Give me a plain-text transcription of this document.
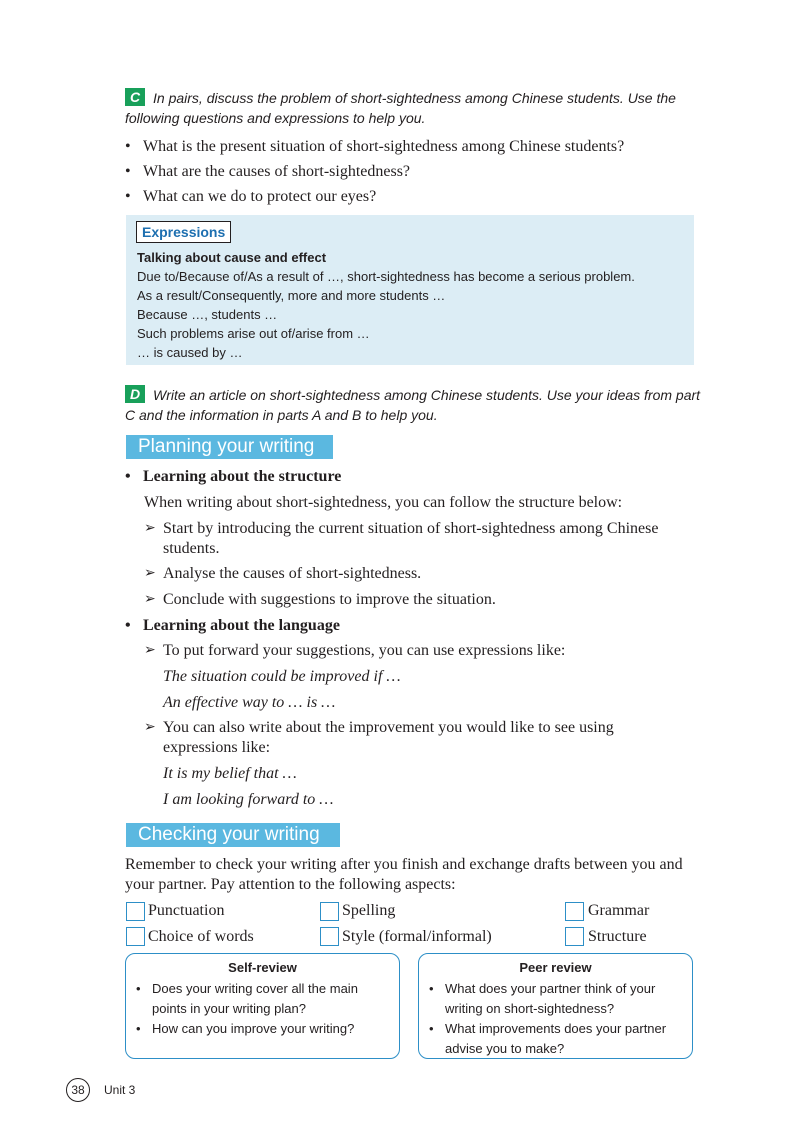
C In pairs, discuss the problem of short-sightedness among Chinese students. Use the following questions and expressions to help you.
• What is the present situation of short-sightedness among Chinese students?
• What are the causes of short-sightedness?
• What can we do to protect our eyes?
Expressions
Talking about cause and effect
Due to/Because of/As a result of …, short-sightedness has become a serious problem.
As a result/Consequently, more and more students …
Because …, students …
Such problems arise out of/arise from …
… is caused by …
D Write an article on short-sightedness among Chinese students. Use your ideas from part C and the information in parts A and B to help you.
Planning your writing
• Learning about the structure
When writing about short-sightedness, you can follow the structure below:
➢ Start by introducing the current situation of short-sightedness among Chinese students.
➢ Analyse the causes of short-sightedness.
➢ Conclude with suggestions to improve the situation.
• Learning about the language
➢ To put forward your suggestions, you can use expressions like:
The situation could be improved if …
An effective way to … is …
➢ You can also write about the improvement you would like to see using expressions like:
It is my belief that …
I am looking forward to …
Checking your writing
Remember to check your writing after you finish and exchange drafts between you and your partner. Pay attention to the following aspects:
Punctuation	Spelling	Grammar
Choice of words	Style (formal/informal)	Structure
Self-review
• Does your writing cover all the main points in your writing plan?
• How can you improve your writing?
Peer review
• What does your partner think of your writing on short-sightedness?
• What improvements does your partner advise you to make?
38	Unit 3
